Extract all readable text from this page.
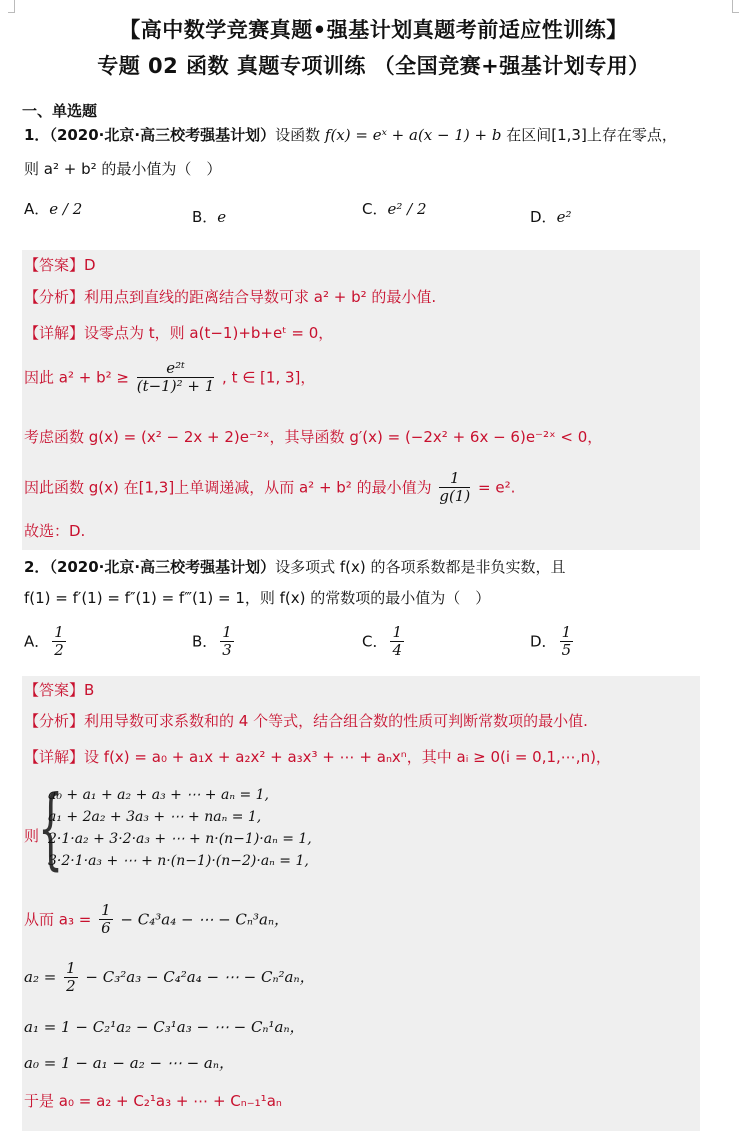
【高中数学竞赛真题•强基计划真题考前适应性训练】
专题 02 函数 真题专项训练 （全国竞赛+强基计划专用）
一、单选题
1．（2020·北京·高三校考强基计划）设函数 f(x) = eˣ + a(x − 1) + b 在区间[1,3]上存在零点，
则 a² + b² 的最小值为（　）
A．e / 2	B．e	C．e² / 2	D．e²
【答案】D
【分析】利用点到直线的距离结合导数可求 a² + b² 的最小值.
【详解】设零点为 t，则 a(t−1)+b+eᵗ = 0，
因此 $a^2 + b^2 \ge \frac{\text{e²ᵗ}}{\text{(t−1)² + 1}}$ , t ∈ [1, 3]，
考虑函数 g(x) = (x² − 2x + 2)e⁻²ˣ，其导函数 g′(x) = (−2x² + 6x − 6)e⁻²ˣ < 0，
因此函数 g(x) 在[1,3]上单调递减，从而 a² + b² 的最小值为 $\frac{1}{g(1)} = e^2$.
故选：D.
2．（2020·北京·高三校考强基计划）设多项式 f(x) 的各项系数都是非负实数，且
f(1) = f′(1) = f″(1) = f‴(1) = 1，则 f(x) 的常数项的最小值为（　）
A． $\frac{1}{2}$	B． $\frac{1}{3}$	C． $\frac{1}{4}$	D． $\frac{1}{5}$
【答案】B
【分析】利用导数可求系数和的 4 个等式，结合组合数的性质可判断常数项的最小值.
【详解】设 f(x) = a₀ + a₁x + a₂x² + a₃x³ + ⋯ + aₙxⁿ，其中 aᵢ ≥ 0(i = 0,1,⋯,n)，
则
{
a₀ + a₁ + a₂ + a₃ + ⋯ + aₙ = 1,
a₁ + 2a₂ + 3a₃ + ⋯ + naₙ = 1,
2·1·a₂ + 3·2·a₃ + ⋯ + n·(n−1)·aₙ = 1,
3·2·1·a₃ + ⋯ + n·(n−1)·(n−2)·aₙ = 1,
从而 $a_3 = \frac{1}{6} - C_4^3a_4$ − ⋯ − Cₙ³aₙ，
$a_2 = \frac{1}{2} - C_3^2a_3 - C_4^2a_4$ − ⋯ − Cₙ²aₙ，
a₁ = 1 − C₂¹a₂ − C₃¹a₃ − ⋯ − Cₙ¹aₙ，
a₀ = 1 − a₁ − a₂ − ⋯ − aₙ，
于是 a₀ = a₂ + C₂¹a₃ + ⋯ + Cₙ₋₁¹aₙ
